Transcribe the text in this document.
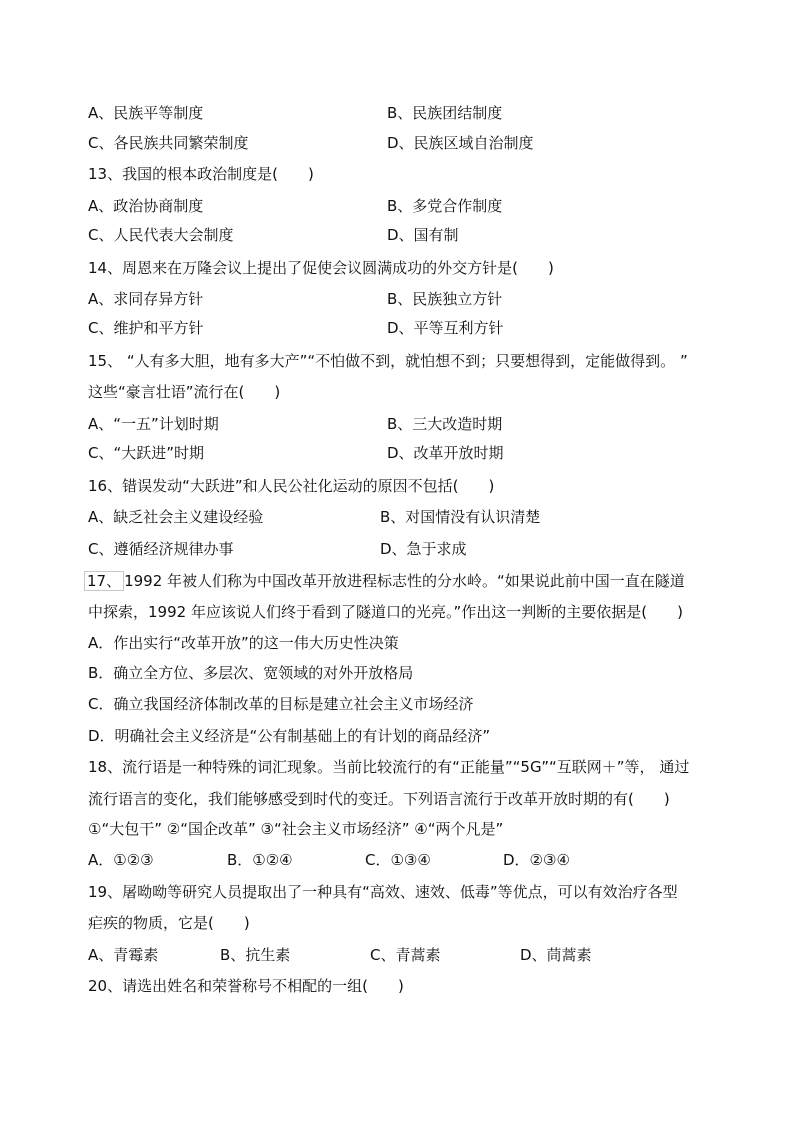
A、民族平等制度	B、民族团结制度
C、各民族共同繁荣制度	D、民族区域自治制度
13、我国的根本政治制度是(　　)
A、政治协商制度	B、多党合作制度
C、人民代表大会制度	D、国有制
14、周恩来在万隆会议上提出了促使会议圆满成功的外交方针是(　　)
A、求同存异方针	B、民族独立方针
C、维护和平方针	D、平等互利方针
15、 “人有多大胆，地有多大产”“不怕做不到，就怕想不到；只要想得到，定能做得到。 ”
这些“豪言壮语”流行在(　　)
A、“一五”计划时期	B、三大改造时期
C、“大跃进”时期	D、改革开放时期
16、错误发动“大跃进”和人民公社化运动的原因不包括(　　)
A、缺乏社会主义建设经验	B、对国情没有认识清楚
C、遵循经济规律办事	D、急于求成
17、 1992 年被人们称为中国改革开放进程标志性的分水岭。“如果说此前中国一直在隧道
中探索，1992 年应该说人们终于看到了隧道口的光亮。”作出这一判断的主要依据是(　　)
A．作出实行“改革开放”的这一伟大历史性决策
B．确立全方位、多层次、宽领域的对外开放格局
C．确立我国经济体制改革的目标是建立社会主义市场经济
D．明确社会主义经济是“公有制基础上的有计划的商品经济”
18、流行语是一种特殊的词汇现象。当前比较流行的有“正能量”“5G”“互联网＋”等， 通过
流行语言的变化，我们能够感受到时代的变迁。下列语言流行于改革开放时期的有(　　)
①“大包干” ②“国企改革” ③“社会主义市场经济” ④“两个凡是”
A．①②③	B．①②④	C．①③④	D．②③④
19、屠呦呦等研究人员提取出了一种具有“高效、速效、低毒”等优点，可以有效治疗各型
疟疾的物质，它是(　　)
A、青霉素	B、抗生素	C、青蒿素	D、茼蒿素
20、请选出姓名和荣誉称号不相配的一组(　　)
